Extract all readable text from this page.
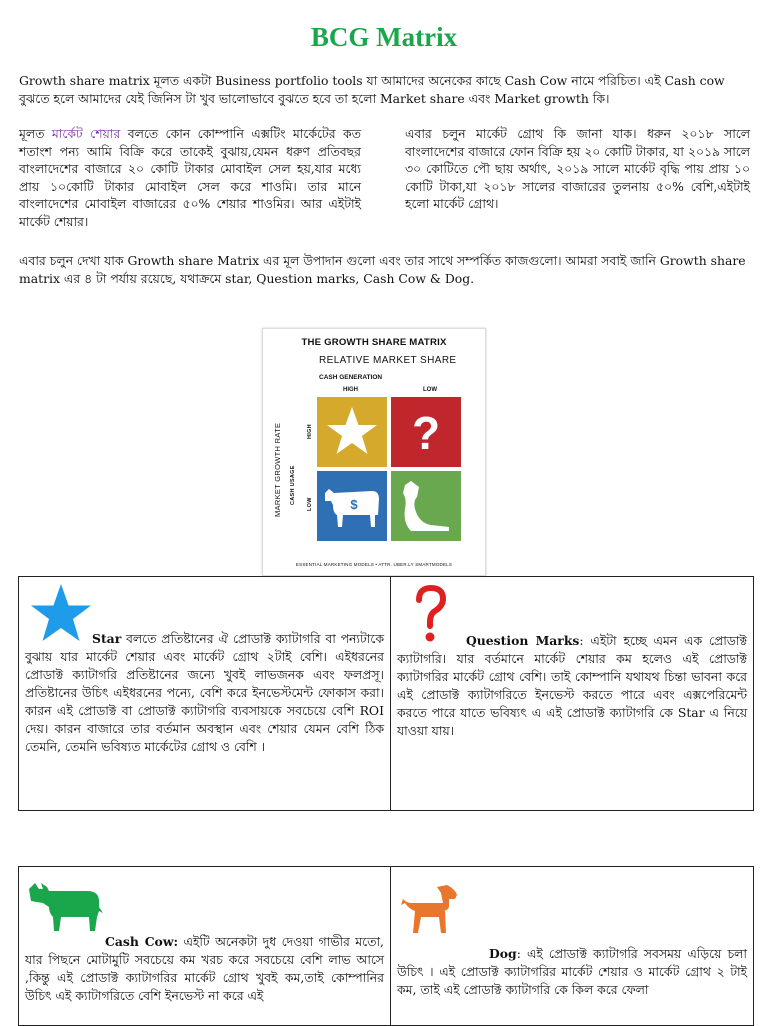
BCG Matrix

Growth share matrix মূলত একটা Business portfolio tools যা আমাদের অনেকের কাছে Cash Cow নামে পরিচিত। এই Cash cow বুঝতে হলে আমাদের যেই জিনিস টা খুব ভালোভাবে বুঝতে হবে তা হলো Market share এবং Market growth কি।

মূলত মার্কেট শেয়ার বলতে কোন কোম্পানি এক্সটিং মার্কেটের কত শতাংশ পন্য আমি বিক্রি করে তাকেই বুঝায়,যেমন ধরুণ প্রতিবছর বাংলাদেশের বাজারে ২০ কোটি টাকার মোবাইল সেল হয়,যার মধ্যে প্রায় ১০কোটি টাকার মোবাইল সেল করে শাওমি। তার মানে বাংলাদেশের মোবাইল বাজারের ৫০% শেয়ার শাওমির। আর এইটাই মার্কেট শেয়ার।

এবার চলুন মার্কেট গ্রোথ কি জানা যাক। ধরুন ২০১৮ সালে বাংলাদেশের বাজারে ফোন বিক্রি হয় ২০ কোটি টাকার, যা ২০১৯ সালে ৩০ কোটিতে পৌ ছায় অর্থাৎ, ২০১৯ সালে মার্কেট বৃদ্ধি পায় প্রায় ১০ কোটি টাকা,যা ২০১৮ সালের বাজারের তুলনায় ৫০% বেশি,এইটাই হলো মার্কেট গ্রোথ।

এবার চলুন দেখা যাক Growth share Matrix এর মূল উপাদান গুলো এবং তার সাথে সম্পর্কিত কাজগুলো। আমরা সবাই জানি Growth share matrix এর ৪ টা পর্যায় রয়েছে, যথাক্রমে star, Question marks, Cash Cow & Dog.

THE GROWTH SHARE MATRIX
RELATIVE MARKET SHARE
CASH GENERATION
HIGH	LOW
MARKET GROWTH RATE CASH USAGE
HIGH
LOW
?
$
ESSENTIAL MARKETING MODELS • ATTR. UBER.LY SMARTMODELS

Star বলতে প্রতিষ্টানের ঐ প্রোডাক্ট ক্যাটাগরি বা পন্যটাকে বুঝায় যার মার্কেট শেয়ার এবং মার্কেট গ্রোথ ২টাই বেশি। এইধরনের প্রোডাক্ট ক্যাটাগরি প্রতিষ্টানের জন্যে খুবই লাভজনক এবং ফলপ্রসূ। প্রতিষ্টানের উচিৎ এইধরনের পন্যে, বেশি করে ইনভেস্টমেন্ট ফোকাস করা। কারন এই প্রোডাক্ট বা প্রোডাক্ট ক্যাটাগরি ব্যবসায়কে সবচেয়ে বেশি ROI দেয়। কারন বাজারে তার বর্তমান অবস্থান এবং শেয়ার যেমন বেশি ঠিক তেমনি, তেমনি ভবিষ্যত মার্কেটের গ্রোথ ও বেশি ।

Question Marks: এইটা হচ্ছে এমন এক প্রোডাক্ট ক্যাটাগরি। যার বর্তমানে মার্কেট শেয়ার কম হলেও এই প্রোডাক্ট ক্যাটাগরির মার্কেট গ্রোথ বেশি। তাই কোম্পানি যথাযথ চিন্তা ভাবনা করে এই প্রোডাক্ট ক্যাটাগরিতে ইনভেস্ট করতে পারে এবং এক্সপেরিমেন্ট করতে পারে যাতে ভবিষ্যৎ এ এই প্রোডাক্ট ক্যাটাগরি কে Star এ নিয়ে যাওয়া যায়।

Cash Cow: এইটি অনেকটা দুধ দেওয়া গাভীর মতো, যার পিছনে মোটামুটি সবচেয়ে কম খরচ করে সবচেয়ে বেশি লাভ আসে ,কিন্তু এই প্রোডাক্ট ক্যাটাগরির মার্কেট গ্রোথ খুবই কম,তাই কোম্পানির উচিৎ এই ক্যাটাগরিতে বেশি ইনভেস্ট না করে এই

Dog: এই প্রোডাক্ট ক্যাটাগরি সবসময় এড়িয়ে চলা উচিৎ । এই প্রোডাক্ট ক্যাটাগরির মার্কেট শেয়ার ও মার্কেট গ্রোথ ২ টাই কম, তাই এই প্রোডাক্ট ক্যাটাগরি কে কিল করে ফেলা
